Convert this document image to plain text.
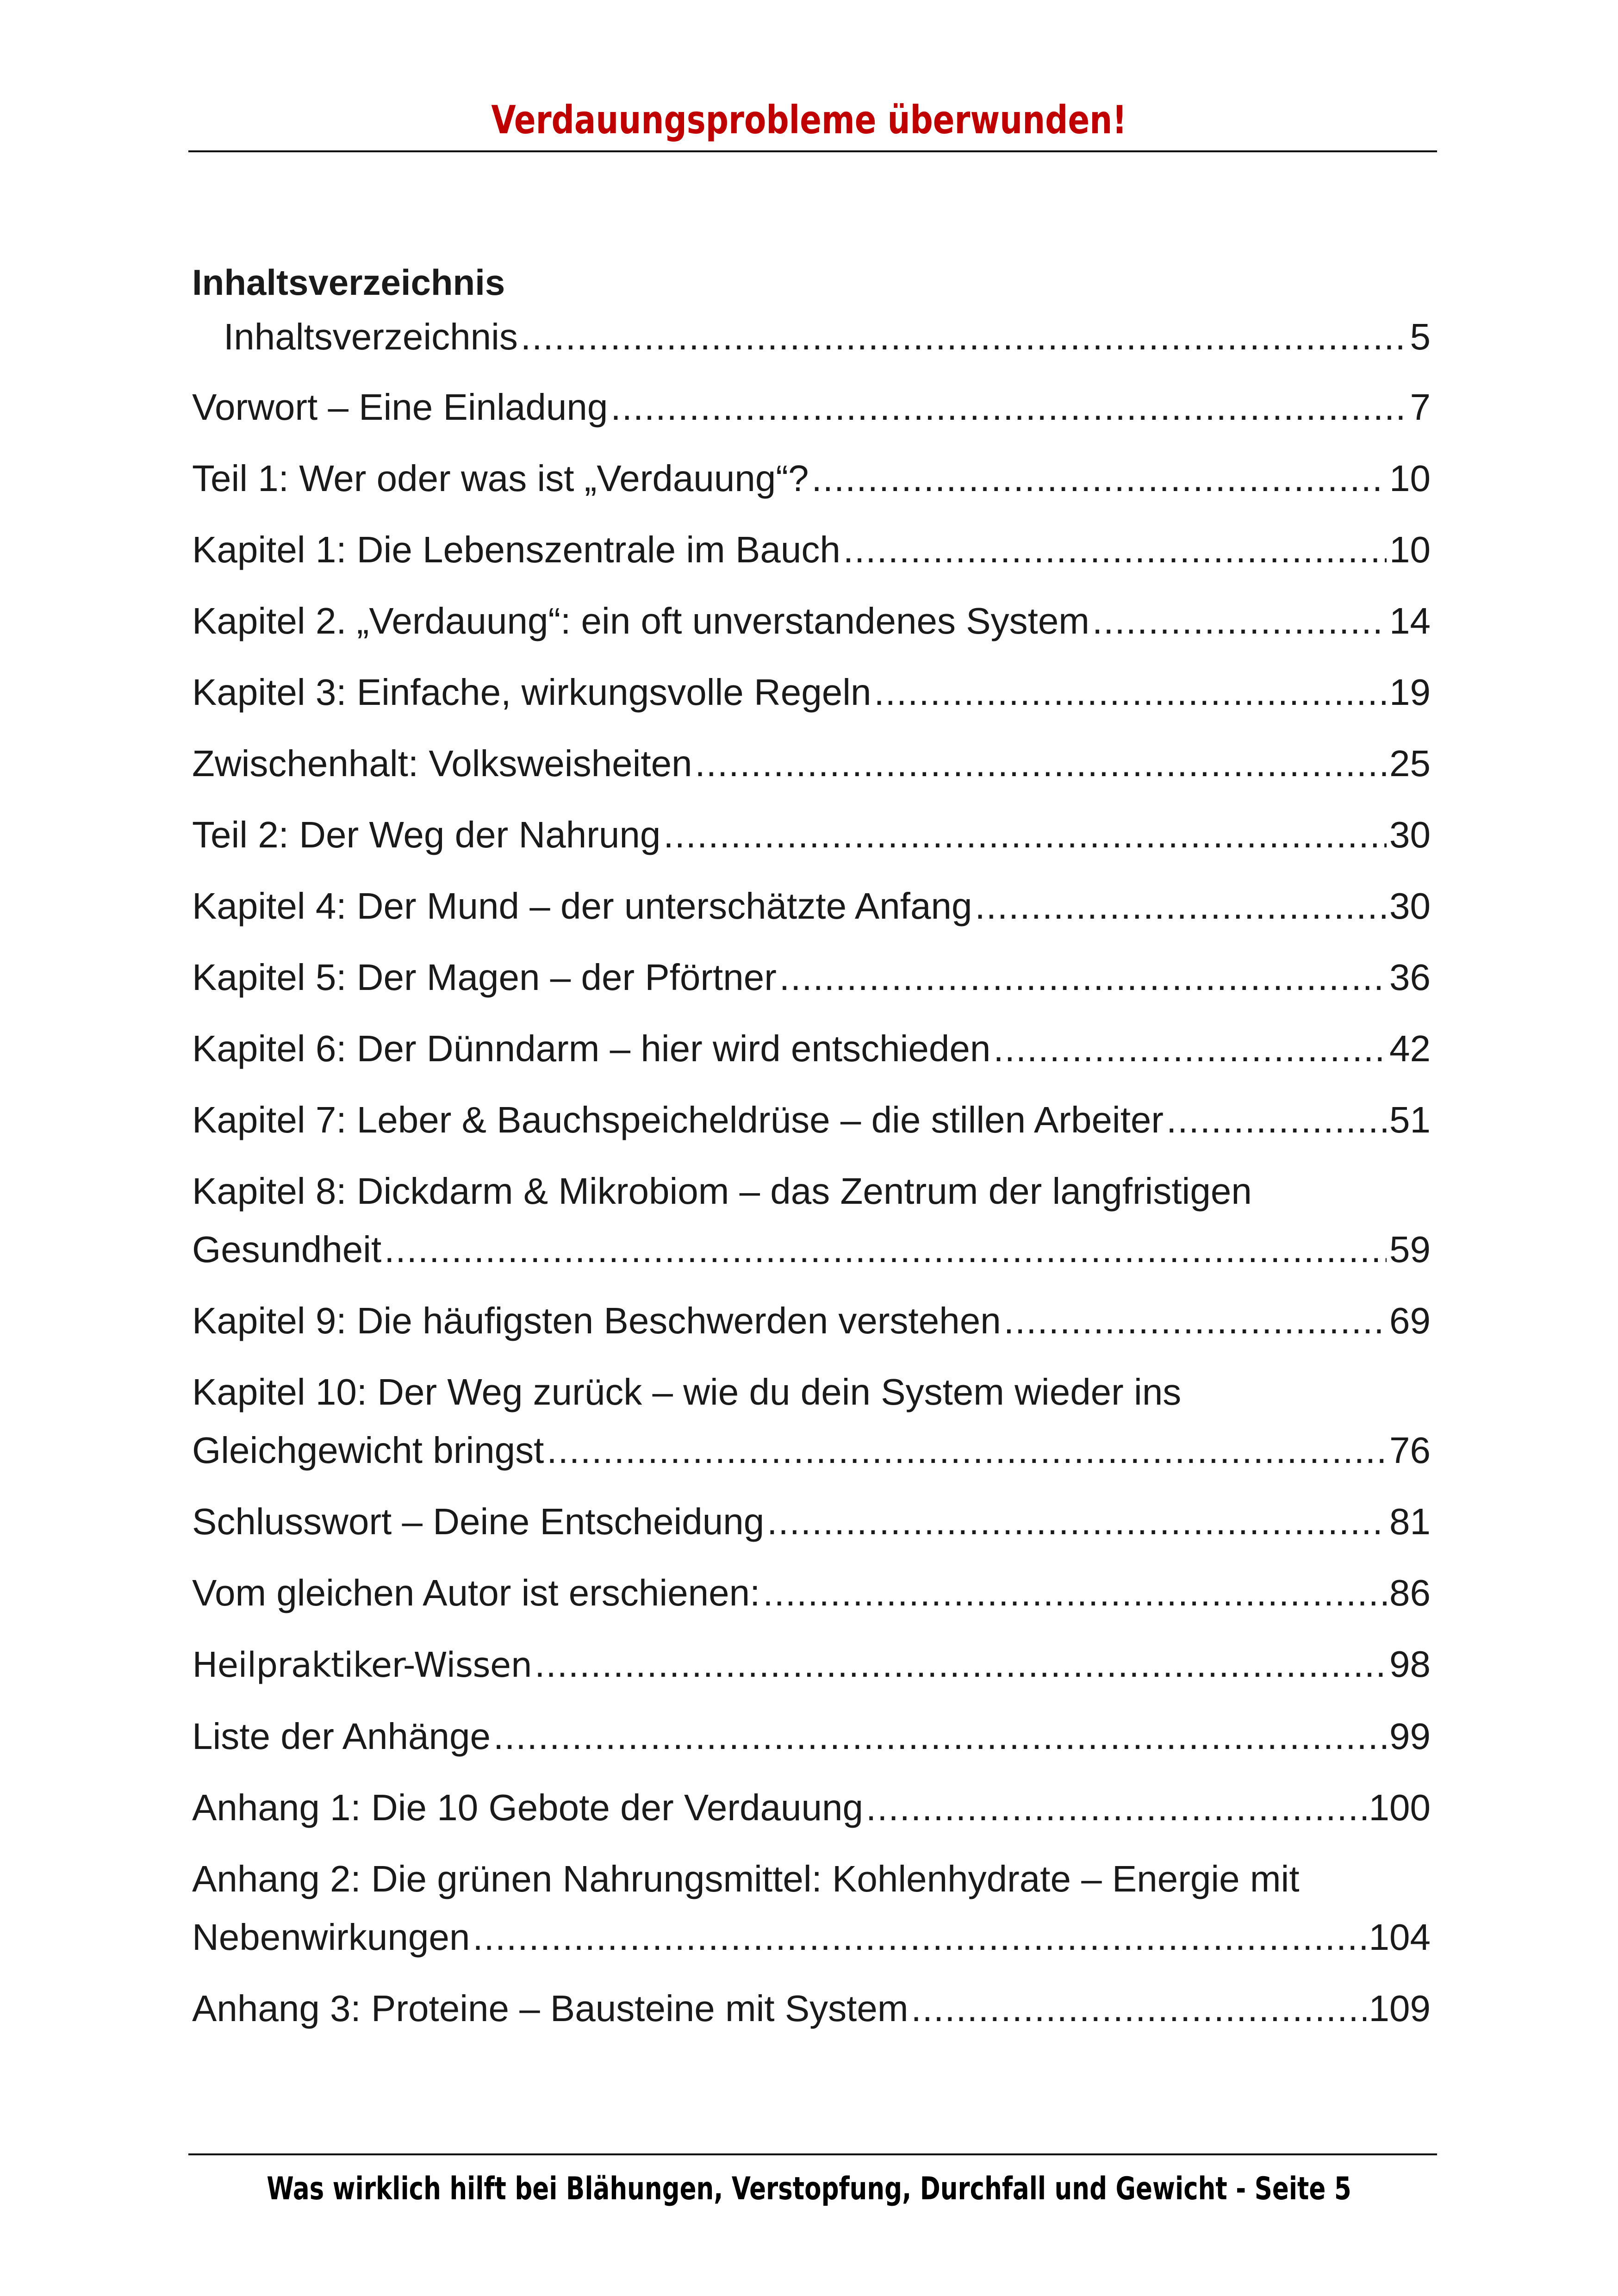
Verdauungsprobleme überwunden!
Inhaltsverzeichnis
Inhaltsverzeichnis .....	5
Vorwort – Eine Einladung .....	7
Teil 1: Wer oder was ist „Verdauung“? .....	10
Kapitel 1: Die Lebenszentrale im Bauch .....	10
Kapitel 2. „Verdauung“: ein oft unverstandenes System .....	14
Kapitel 3: Einfache, wirkungsvolle Regeln .....	19
Zwischenhalt: Volksweisheiten .....	25
Teil 2: Der Weg der Nahrung .....	30
Kapitel 4: Der Mund – der unterschätzte Anfang .....	30
Kapitel 5: Der Magen – der Pförtner .....	36
Kapitel 6: Der Dünndarm – hier wird entschieden .....	42
Kapitel 7: Leber & Bauchspeicheldrüse – die stillen Arbeiter .....	51
Kapitel 8: Dickdarm & Mikrobiom – das Zentrum der langfristigen
Gesundheit .....	59
Kapitel 9: Die häufigsten Beschwerden verstehen .....	69
Kapitel 10: Der Weg zurück – wie du dein System wieder ins
Gleichgewicht bringst .....	76
Schlusswort – Deine Entscheidung .....	81
Vom gleichen Autor ist erschienen: .....	86
Heilpraktiker-Wissen .....	98
Liste der Anhänge .....	99
Anhang 1: Die 10 Gebote der Verdauung .....	100
Anhang 2: Die grünen Nahrungsmittel: Kohlenhydrate – Energie mit
Nebenwirkungen .....	104
Anhang 3: Proteine – Bausteine mit System .....	109
Was wirklich hilft bei Blähungen, Verstopfung, Durchfall und Gewicht - Seite 5
